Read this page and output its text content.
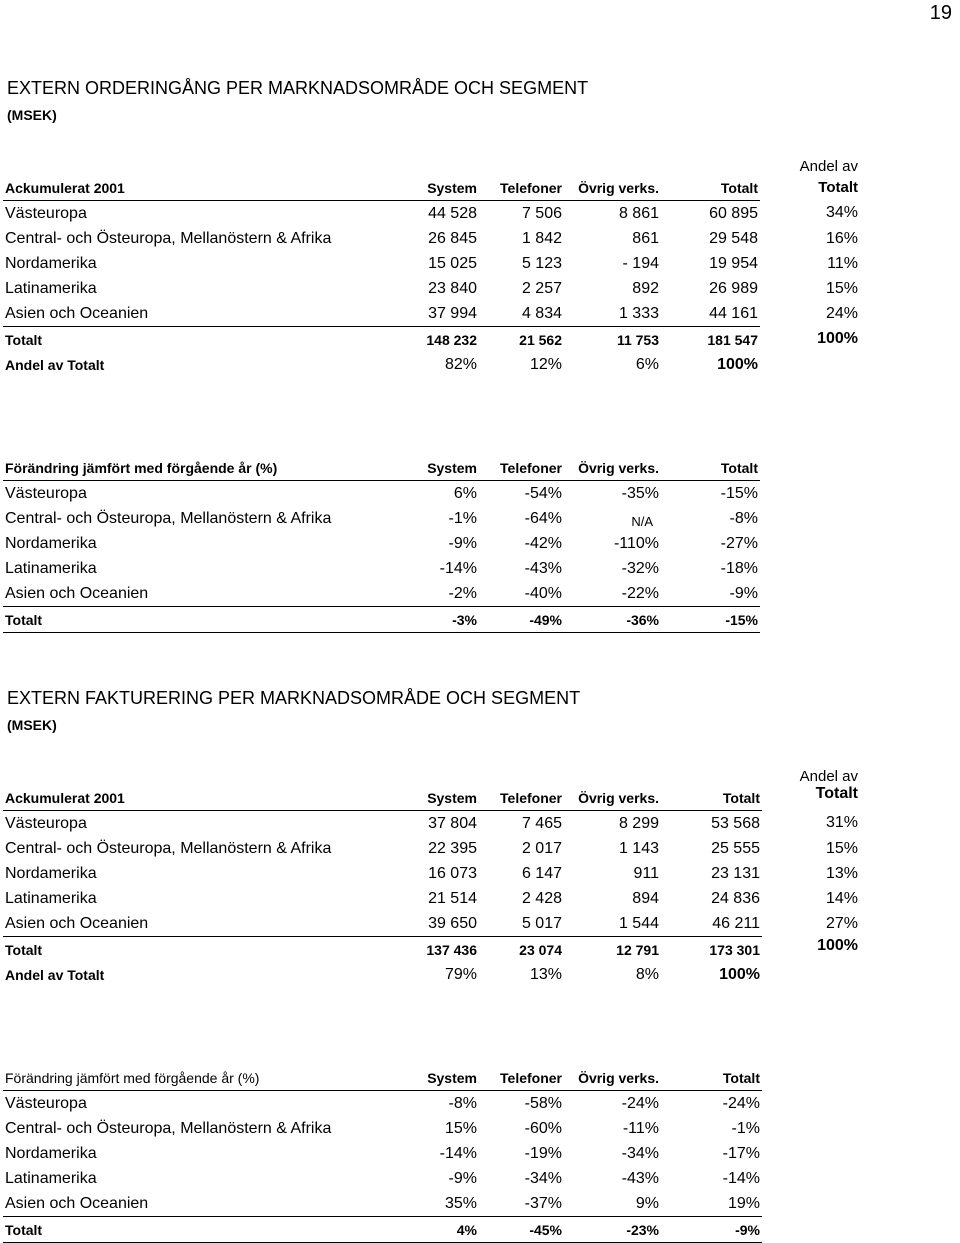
19
EXTERN ORDERINGÅNG PER MARKNADSOMRÅDE OCH SEGMENT
(MSEK)
					Andel av
Ackumulerat 2001	System	Telefoner	Övrig verks.	Totalt	Totalt
Västeuropa	44 528	7 506	8 861	60 895	34%
Central- och Östeuropa, Mellanöstern & Afrika	26 845	1 842	861	29 548	16%
Nordamerika	15 025	5 123	- 194	19 954	11%
Latinamerika	23 840	2 257	892	26 989	15%
Asien och Oceanien	37 994	4 834	1 333	44 161	24%
Totalt	148 232	21 562	11 753	181 547	100%
Andel av Totalt	82%	12%	6%	100%	
Förändring jämfört med förgående år (%)	System	Telefoner	Övrig verks.	Totalt
Västeuropa	6%	-54%	-35%	-15%
Central- och Östeuropa, Mellanöstern & Afrika	-1%	-64%	N/A	-8%
Nordamerika	-9%	-42%	-110%	-27%
Latinamerika	-14%	-43%	-32%	-18%
Asien och Oceanien	-2%	-40%	-22%	-9%
Totalt	-3%	-49%	-36%	-15%
EXTERN FAKTURERING PER MARKNADSOMRÅDE OCH SEGMENT
(MSEK)
					Andel av
Ackumulerat 2001	System	Telefoner	Övrig verks.	Totalt	Totalt
Västeuropa	37 804	7 465	8 299	53 568	31%
Central- och Östeuropa, Mellanöstern & Afrika	22 395	2 017	1 143	25 555	15%
Nordamerika	16 073	6 147	911	23 131	13%
Latinamerika	21 514	2 428	894	24 836	14%
Asien och Oceanien	39 650	5 017	1 544	46 211	27%
Totalt	137 436	23 074	12 791	173 301	100%
Andel av Totalt	79%	13%	8%	100%	
Förändring jämfört med förgående år (%)	System	Telefoner	Övrig verks.	Totalt
Västeuropa	-8%	-58%	-24%	-24%
Central- och Östeuropa, Mellanöstern & Afrika	15%	-60%	-11%	-1%
Nordamerika	-14%	-19%	-34%	-17%
Latinamerika	-9%	-34%	-43%	-14%
Asien och Oceanien	35%	-37%	9%	19%
Totalt	4%	-45%	-23%	-9%
